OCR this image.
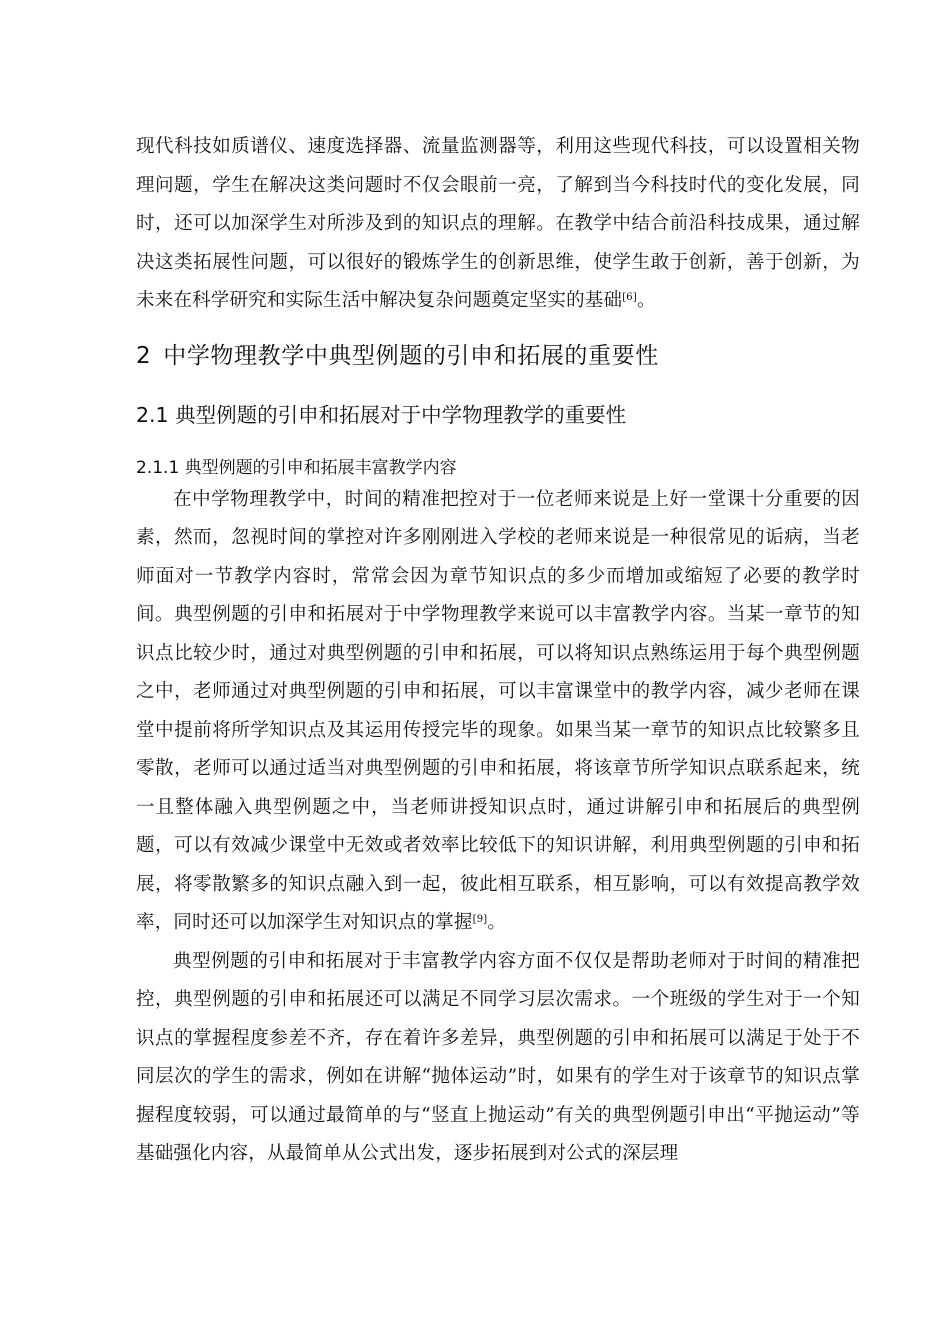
现代科技如质谱仪、速度选择器、流量监测器等，利用这些现代科技，可以设置相关物理问题，学生在解决这类问题时不仅会眼前一亮，了解到当今科技时代的变化发展，同时，还可以加深学生对所涉及到的知识点的理解。在教学中结合前沿科技成果，通过解决这类拓展性问题，可以很好的锻炼学生的创新思维，使学生敢于创新，善于创新，为未来在科学研究和实际生活中解决复杂问题奠定坚实的基础[6]。

2 中学物理教学中典型例题的引申和拓展的重要性
2.1 典型例题的引申和拓展对于中学物理教学的重要性
2.1.1 典型例题的引申和拓展丰富教学内容

在中学物理教学中，时间的精准把控对于一位老师来说是上好一堂课十分重要的因素，然而，忽视时间的掌控对许多刚刚进入学校的老师来说是一种很常见的诟病，当老师面对一节教学内容时，常常会因为章节知识点的多少而增加或缩短了必要的教学时间。典型例题的引申和拓展对于中学物理教学来说可以丰富教学内容。当某一章节的知识点比较少时，通过对典型例题的引申和拓展，可以将知识点熟练运用于每个典型例题之中，老师通过对典型例题的引申和拓展，可以丰富课堂中的教学内容，减少老师在课堂中提前将所学知识点及其运用传授完毕的现象。如果当某一章节的知识点比较繁多且零散，老师可以通过适当对典型例题的引申和拓展，将该章节所学知识点联系起来，统一且整体融入典型例题之中，当老师讲授知识点时，通过讲解引申和拓展后的典型例题，可以有效减少课堂中无效或者效率比较低下的知识讲解，利用典型例题的引申和拓展，将零散繁多的知识点融入到一起，彼此相互联系，相互影响，可以有效提高教学效率，同时还可以加深学生对知识点的掌握[9]。

典型例题的引申和拓展对于丰富教学内容方面不仅仅是帮助老师对于时间的精准把控，典型例题的引申和拓展还可以满足不同学习层次需求。一个班级的学生对于一个知识点的掌握程度参差不齐，存在着许多差异，典型例题的引申和拓展可以满足于处于不同层次的学生的需求，例如在讲解“抛体运动”时，如果有的学生对于该章节的知识点掌握程度较弱，可以通过最简单的与“竖直上抛运动”有关的典型例题引申出“平抛运动”等基础强化内容，从最简单从公式出发，逐步拓展到对公式的深层理
